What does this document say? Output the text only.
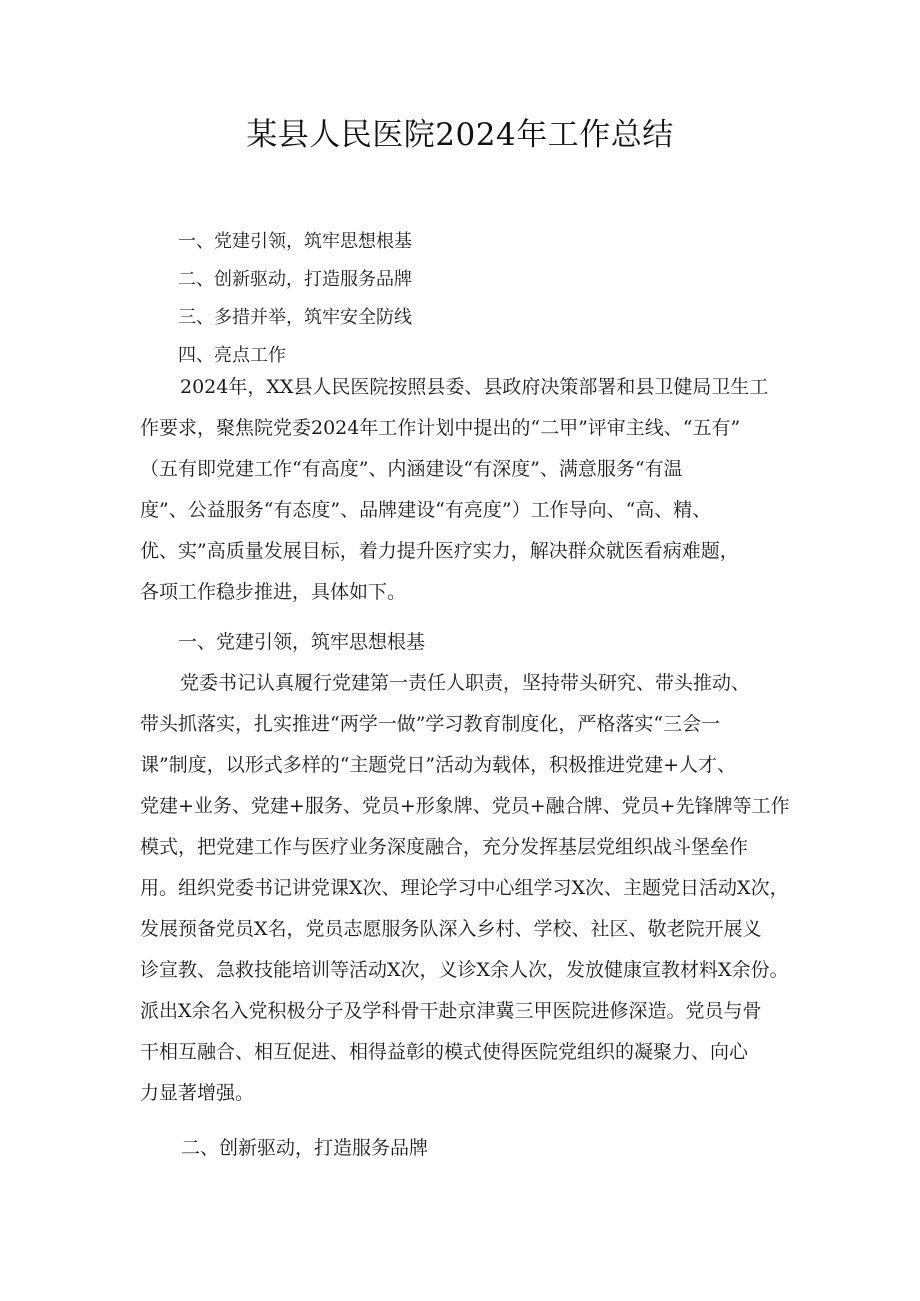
某县人民医院2024年工作总结
一、党建引领，筑牢思想根基
二、创新驱动，打造服务品牌
三、多措并举，筑牢安全防线
四、亮点工作
2024年，XX县人民医院按照县委、县政府决策部署和县卫健局卫生工
作要求，聚焦院党委2024年工作计划中提出的“二甲”评审主线、“五有”
（五有即党建工作“有高度”、内涵建设“有深度”、满意服务“有温
度”、公益服务“有态度”、品牌建设“有亮度”）工作导向、“高、精、
优、实”高质量发展目标，着力提升医疗实力，解决群众就医看病难题，
各项工作稳步推进，具体如下。
一、党建引领，筑牢思想根基
党委书记认真履行党建第一责任人职责，坚持带头研究、带头推动、
带头抓落实，扎实推进“两学一做”学习教育制度化，严格落实“三会一
课”制度，以形式多样的“主题党日”活动为载体，积极推进党建+人才、
党建+业务、党建+服务、党员+形象牌、党员+融合牌、党员+先锋牌等工作
模式，把党建工作与医疗业务深度融合，充分发挥基层党组织战斗堡垒作
用。组织党委书记讲党课X次、理论学习中心组学习X次、主题党日活动X次，
发展预备党员X名，党员志愿服务队深入乡村、学校、社区、敬老院开展义
诊宣教、急救技能培训等活动X次，义诊X余人次，发放健康宣教材料X余份。
派出X余名入党积极分子及学科骨干赴京津冀三甲医院进修深造。党员与骨
干相互融合、相互促进、相得益彰的模式使得医院党组织的凝聚力、向心
力显著增强。
二、创新驱动，打造服务品牌
